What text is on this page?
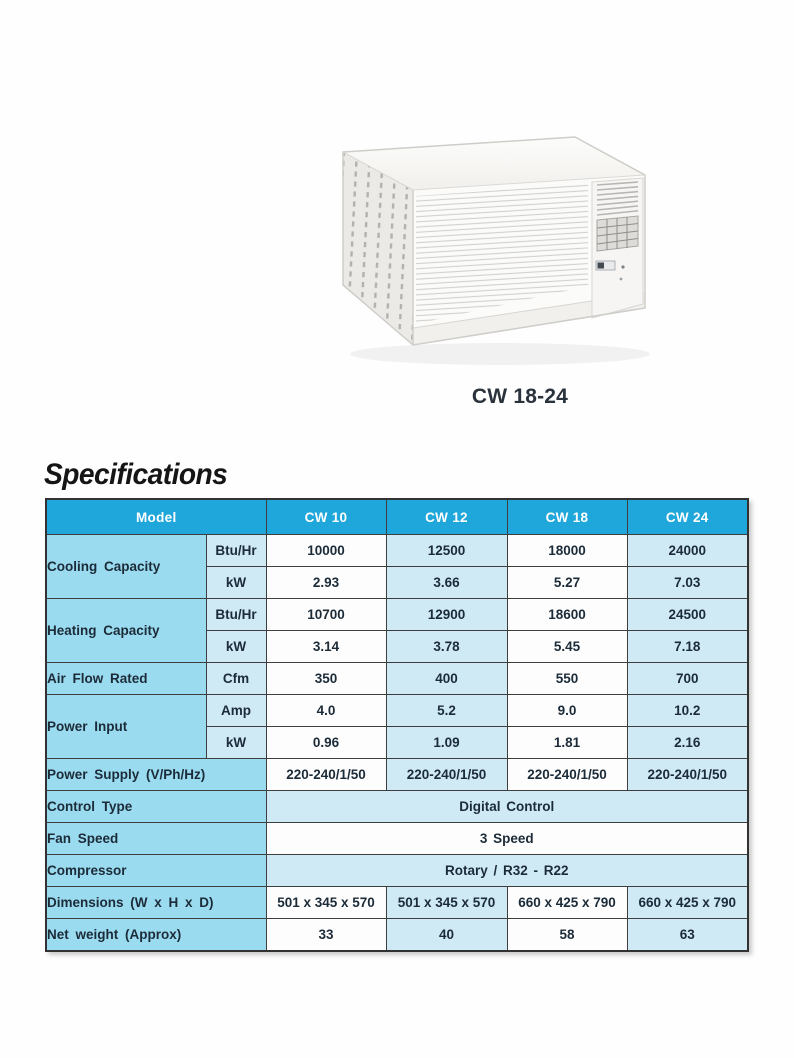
CW 18-24
Specifications
Model		CW 10	CW 12	CW 18	CW 24
Cooling Capacity	Btu/Hr	10000	12500	18000	24000
	kW	2.93	3.66	5.27	7.03
Heating Capacity	Btu/Hr	10700	12900	18600	24500
	kW	3.14	3.78	5.45	7.18
Air Flow Rated	Cfm	350	400	550	700
Power Input	Amp	4.0	5.2	9.0	10.2
	kW	0.96	1.09	1.81	2.16
Power Supply (V/Ph/Hz)		220-240/1/50	220-240/1/50	220-240/1/50	220-240/1/50
Control Type		Digital Control			
Fan Speed		3 Speed			
Compressor		Rotary / R32 - R22			
Dimensions (W x H x D)		501 x 345 x 570	501 x 345 x 570	660 x 425 x 790	660 x 425 x 790
Net weight (Approx)		33	40	58	63
